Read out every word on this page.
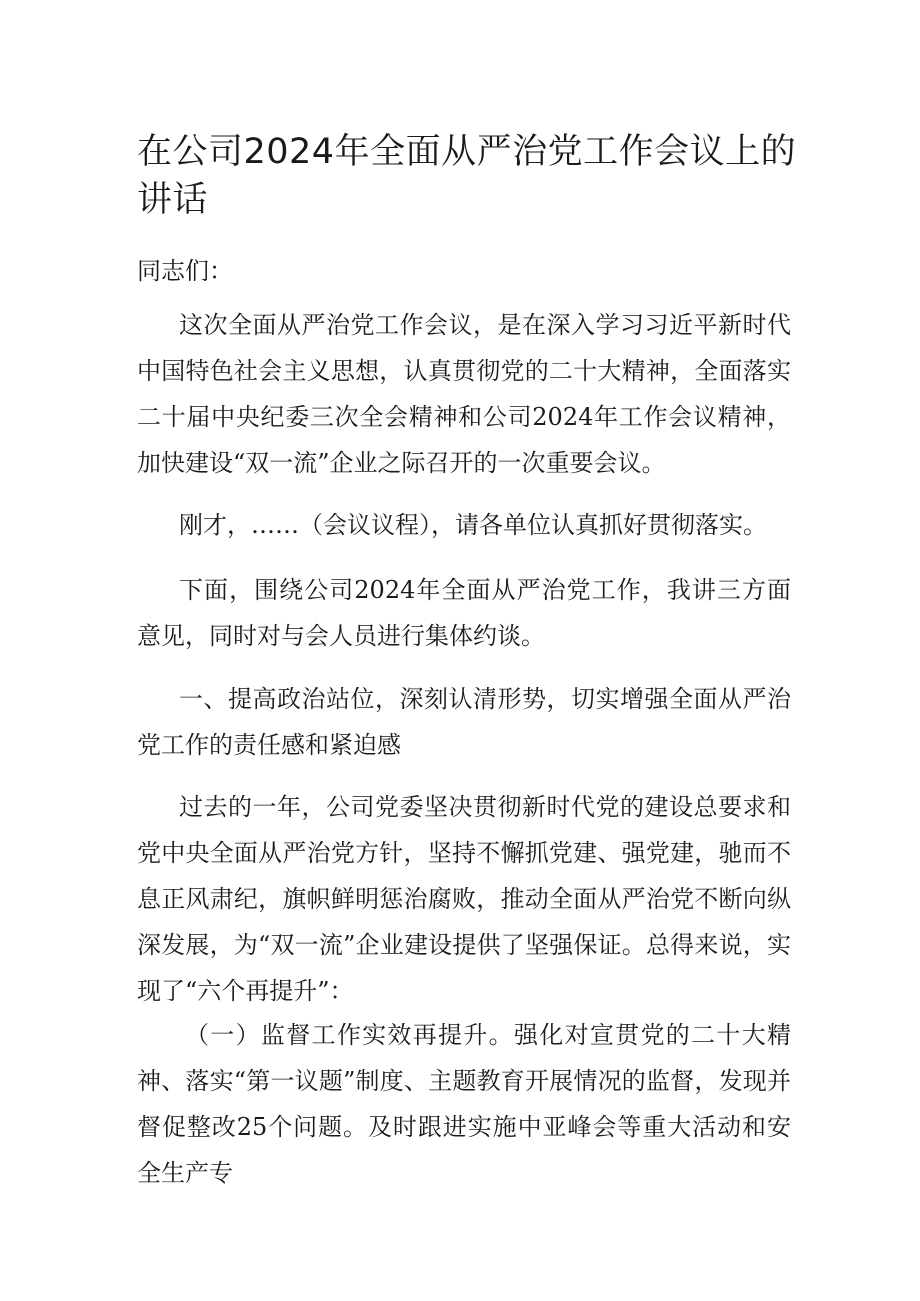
在公司2024年全面从严治党工作会议上的讲话

同志们：

这次全面从严治党工作会议，是在深入学习习近平新时代中国特色社会主义思想，认真贯彻党的二十大精神，全面落实二十届中央纪委三次全会精神和公司2024年工作会议精神，加快建设“双一流”企业之际召开的一次重要会议。

刚才，……（会议议程），请各单位认真抓好贯彻落实。

下面，围绕公司2024年全面从严治党工作，我讲三方面意见，同时对与会人员进行集体约谈。

一、提高政治站位，深刻认清形势，切实增强全面从严治党工作的责任感和紧迫感

过去的一年，公司党委坚决贯彻新时代党的建设总要求和党中央全面从严治党方针，坚持不懈抓党建、强党建，驰而不息正风肃纪，旗帜鲜明惩治腐败，推动全面从严治党不断向纵深发展，为“双一流”企业建设提供了坚强保证。总得来说，实现了“六个再提升”：

（一）监督工作实效再提升。强化对宣贯党的二十大精神、落实“第一议题”制度、主题教育开展情况的监督，发现并督促整改25个问题。及时跟进实施中亚峰会等重大活动和安全生产专
